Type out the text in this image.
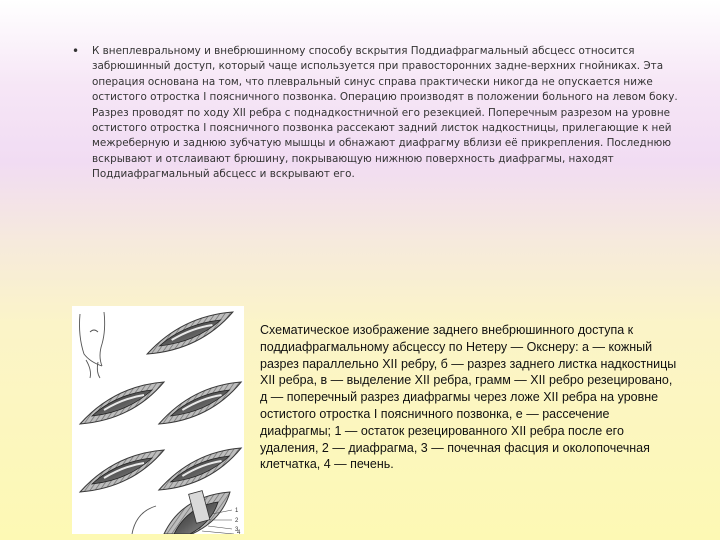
•	К внеплевральному и внебрюшинному способу вскрытия Поддиафрагмальный абсцесс относится забрюшинный доступ, который чаще используется при правосторонних задне-верхних гнойниках. Эта операция основана на том, что плевральный синус справа практически никогда не опускается ниже остистого отростка I поясничного позвонка. Операцию производят в положении больного на левом боку. Разрез проводят по ходу XII ребра с поднадкостничной его резекцией. Поперечным разрезом на уровне остистого отростка I поясничного позвонка рассекают задний листок надкостницы, прилегающие к ней межреберную и заднюю зубчатую мышцы и обнажают диафрагму вблизи её прикрепления. Последнюю вскрывают и отслаивают брюшину, покрывающую нижнюю поверхность диафрагмы, находят Поддиафрагмальный абсцесс и вскрывают его.
1
2
3
4
Схематическое изображение заднего внебрюшинного доступа к поддиафрагмальному абсцессу по Нетеру — Окснеру: а — кожный разрез параллельно XII ребру, б — разрез заднего листка надкостницы XII ребра, в — выделение XII ребра, грамм — XII ребро резецировано, д — поперечный разрез диафрагмы через ложе XII ребра на уровне остистого отростка I поясничного позвонка, е — рассечение диафрагмы; 1 — остаток резецированного XII ребра после его удаления, 2 — диафрагма, 3 — почечная фасция и околопочечная клетчатка, 4 — печень.
